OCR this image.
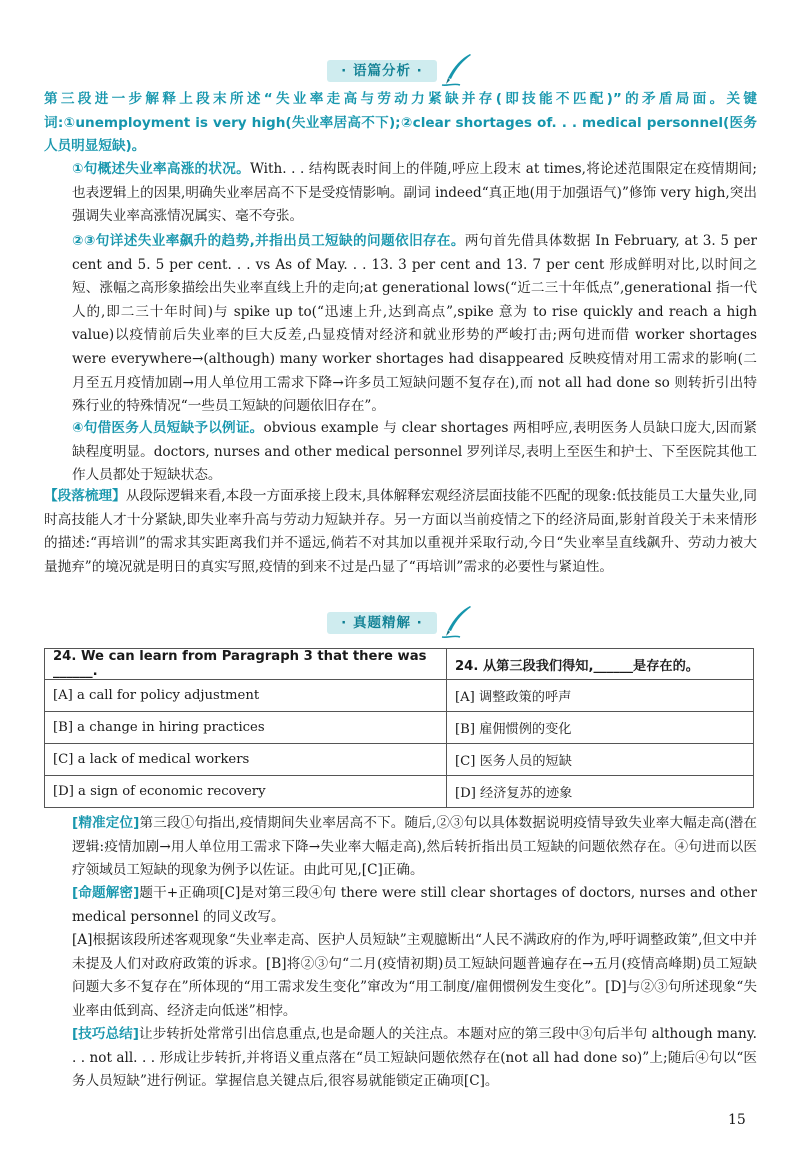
· 语篇分析 ·

第三段进一步解释上段末所述“失业率走高与劳动力紧缺并存(即技能不匹配)”的矛盾局面。关键词:①unemployment is very high(失业率居高不下);②clear shortages of. . . medical personnel(医务人员明显短缺)。

①句概述失业率高涨的状况。With. . . 结构既表时间上的伴随,呼应上段末 at times,将论述范围限定在疫情期间;也表逻辑上的因果,明确失业率居高不下是受疫情影响。副词 indeed“真正地(用于加强语气)”修饰 very high,突出强调失业率高涨情况属实、毫不夸张。

②③句详述失业率飙升的趋势,并指出员工短缺的问题依旧存在。两句首先借具体数据 In February, at 3. 5 per cent and 5. 5 per cent. . . vs As of May. . . 13. 3 per cent and 13. 7 per cent 形成鲜明对比,以时间之短、涨幅之高形象描绘出失业率直线上升的走向;at generational lows(“近二三十年低点”,generational 指一代人的,即二三十年时间)与 spike up to(“迅速上升,达到高点”,spike 意为 to rise quickly and reach a high value)以疫情前后失业率的巨大反差,凸显疫情对经济和就业形势的严峻打击;两句进而借 worker shortages were everywhere→(although) many worker shortages had disappeared 反映疫情对用工需求的影响(二月至五月疫情加剧→用人单位用工需求下降→许多员工短缺问题不复存在),而 not all had done so 则转折引出特殊行业的特殊情况“一些员工短缺的问题依旧存在”。

④句借医务人员短缺予以例证。obvious example 与 clear shortages 两相呼应,表明医务人员缺口庞大,因而紧缺程度明显。doctors, nurses and other medical personnel 罗列详尽,表明上至医生和护士、下至医院其他工作人员都处于短缺状态。

【段落梳理】从段际逻辑来看,本段一方面承接上段末,具体解释宏观经济层面技能不匹配的现象:低技能员工大量失业,同时高技能人才十分紧缺,即失业率升高与劳动力短缺并存。另一方面以当前疫情之下的经济局面,影射首段关于未来情形的描述:“再培训”的需求其实距离我们并不遥远,倘若不对其加以重视并采取行动,今日“失业率呈直线飙升、劳动力被大量抛弃”的境况就是明日的真实写照,疫情的到来不过是凸显了“再培训”需求的必要性与紧迫性。

· 真题精解 ·
24. We can learn from Paragraph 3 that there was ______.	24. 从第三段我们得知,______是存在的。
[A] a call for policy adjustment	[A] 调整政策的呼声
[B] a change in hiring practices	[B] 雇佣惯例的变化
[C] a lack of medical workers	[C] 医务人员的短缺
[D] a sign of economic recovery	[D] 经济复苏的迹象

[精准定位]第三段①句指出,疫情期间失业率居高不下。随后,②③句以具体数据说明疫情导致失业率大幅走高(潜在逻辑:疫情加剧→用人单位用工需求下降→失业率大幅走高),然后转折指出员工短缺的问题依然存在。④句进而以医疗领域员工短缺的现象为例予以佐证。由此可见,[C]正确。

[命题解密]题干+正确项[C]是对第三段④句 there were still clear shortages of doctors, nurses and other medical personnel 的同义改写。

[A]根据该段所述客观现象“失业率走高、医护人员短缺”主观臆断出“人民不满政府的作为,呼吁调整政策”,但文中并未提及人们对政府政策的诉求。[B]将②③句“二月(疫情初期)员工短缺问题普遍存在→五月(疫情高峰期)员工短缺问题大多不复存在”所体现的“用工需求发生变化”窜改为“用工制度/雇佣惯例发生变化”。[D]与②③句所述现象“失业率由低到高、经济走向低迷”相悖。

[技巧总结]让步转折处常常引出信息重点,也是命题人的关注点。本题对应的第三段中③句后半句 although many. . . not all. . . 形成让步转折,并将语义重点落在“员工短缺问题依然存在(not all had done so)”上;随后④句以“医务人员短缺”进行例证。掌握信息关键点后,很容易就能锁定正确项[C]。

15
